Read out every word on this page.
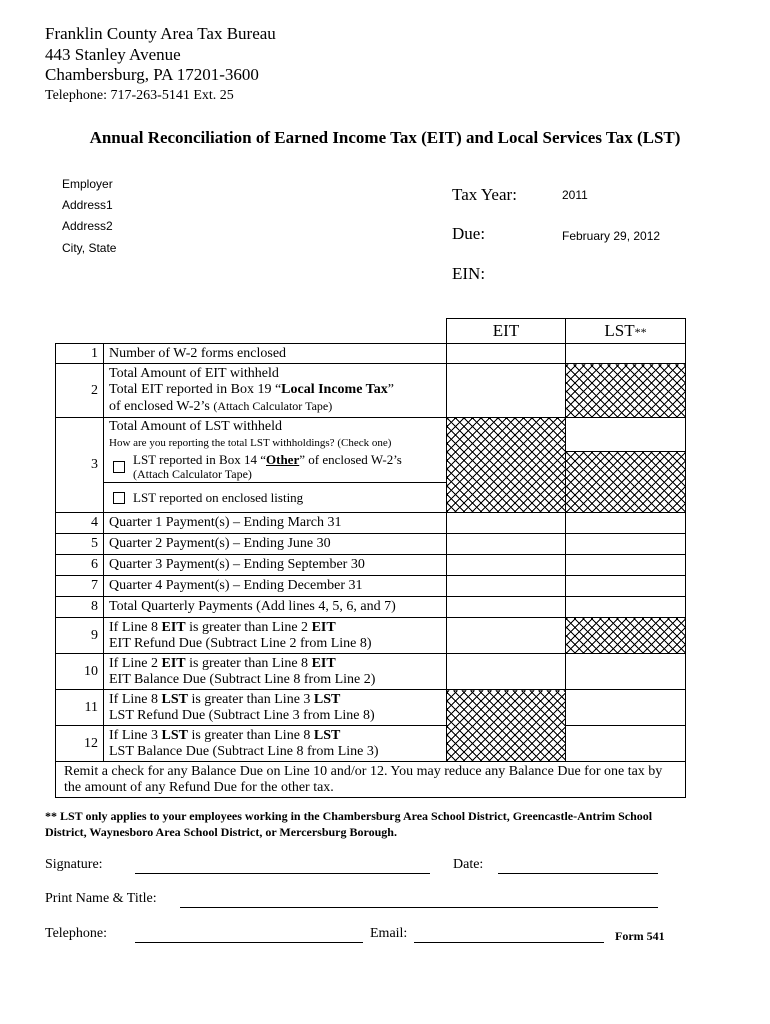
Franklin County Area Tax Bureau
443 Stanley Avenue
Chambersburg, PA 17201-3600
Telephone: 717-263-5141 Ext. 25
Annual Reconciliation of Earned Income Tax (EIT) and Local Services Tax (LST)
Employer
Address1
Address2
City, State
Tax Year:	2011
Due:	February 29, 2012
EIN:
		EIT	LST**
1	Number of W-2 forms enclosed		
2	Total Amount of EIT withheld
Total EIT reported in Box 19 “Local Income Tax”
of enclosed W-2’s (Attach Calculator Tape)		

3	Total Amount of LST withheld
How are you reporting the total LST withholdings? (Check one)		

	LST reported in Box 14 “Other” of enclosed W-2’s
(Attach Calculator Tape)		

	LST reported on enclosed listing		

4	Quarter 1 Payment(s) – Ending March 31		
5	Quarter 2 Payment(s) – Ending June 30		
6	Quarter 3 Payment(s) – Ending September 30		
7	Quarter 4 Payment(s) – Ending December 31		
8	Total Quarterly Payments (Add lines 4, 5, 6, and 7)		
9	If Line 8 EIT is greater than Line 2 EIT
EIT Refund Due (Subtract Line 2 from Line 8)		

10	If Line 2 EIT is greater than Line 8 EIT
EIT Balance Due (Subtract Line 8 from Line 2)		

11	If Line 8 LST is greater than Line 3 LST
LST Refund Due (Subtract Line 3 from Line 8)		

12	If Line 3 LST is greater than Line 8 LST
LST Balance Due (Subtract Line 8 from Line 3)		

Remit a check for any Balance Due on Line 10 and/or 12. You may reduce any Balance Due for one tax by the amount of any Refund Due for the other tax.			
** LST only applies to your employees working in the Chambersburg Area School District, Greencastle-Antrim School District, Waynesboro Area School District, or Mercersburg Borough.
Signature:	Date:
Print Name & Title:
Telephone:	Email:	Form 541
